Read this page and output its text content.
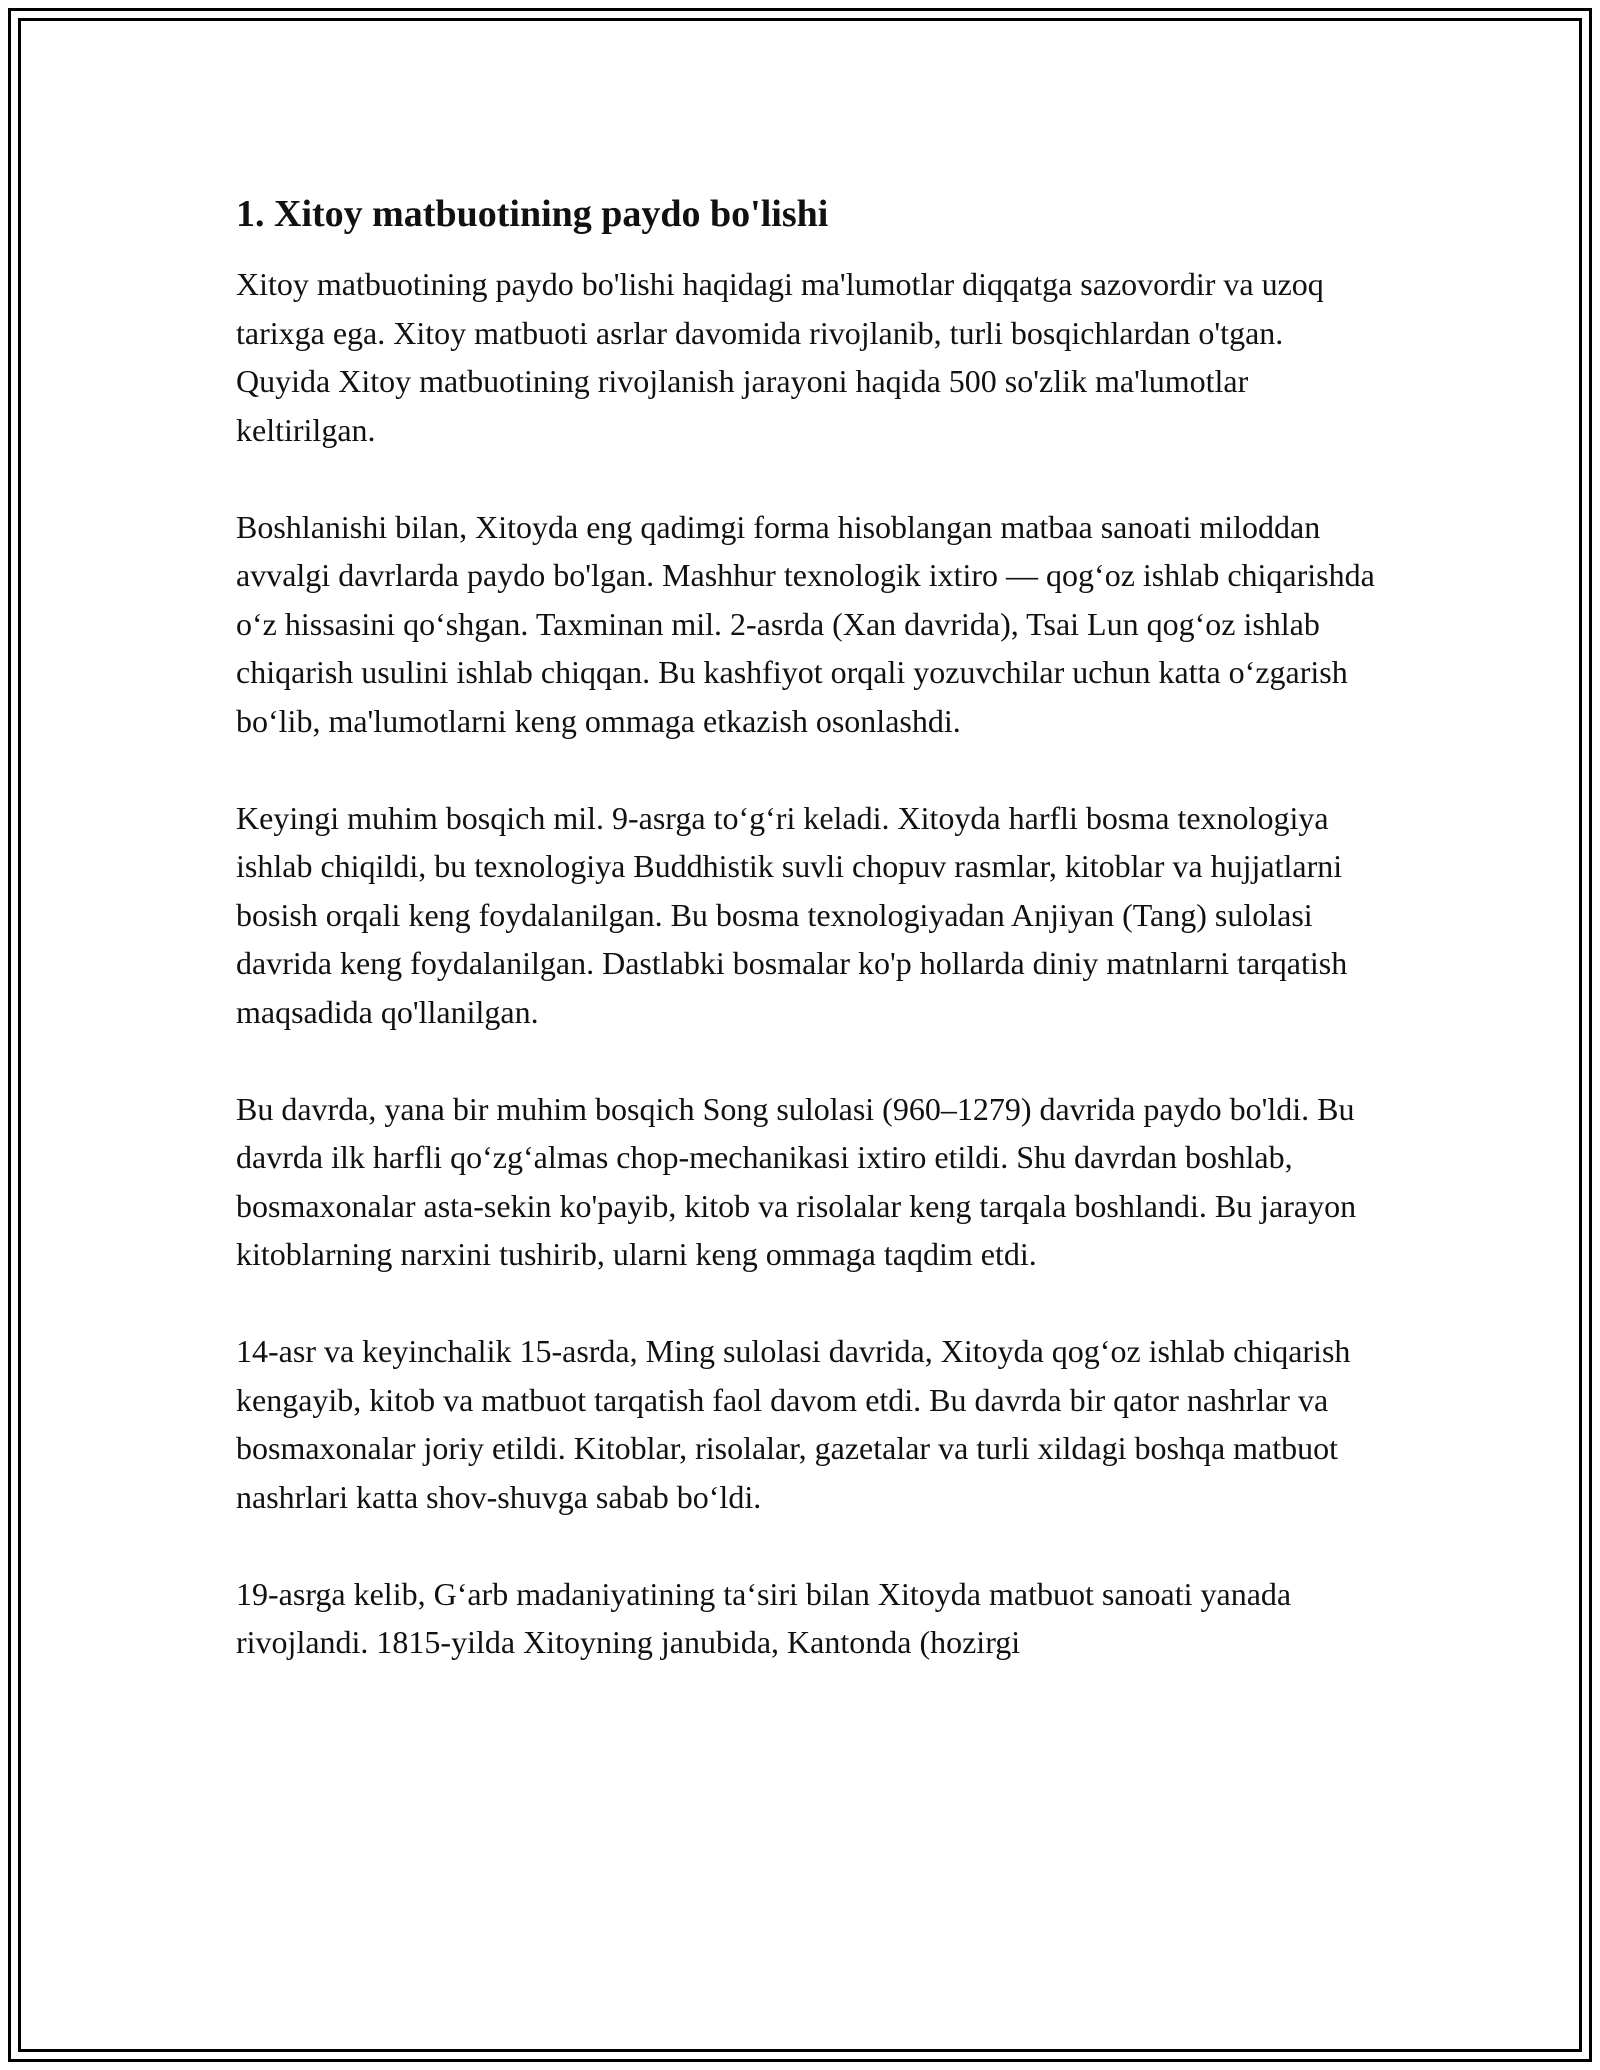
1. Xitoy matbuotining paydo bo'lishi

Xitoy matbuotining paydo bo'lishi haqidagi ma'lumotlar diqqatga sazovordir va uzoq tarixga ega. Xitoy matbuoti asrlar davomida rivojlanib, turli bosqichlardan o'tgan. Quyida Xitoy matbuotining rivojlanish jarayoni haqida 500 so'zlik ma'lumotlar keltirilgan.

Boshlanishi bilan, Xitoyda eng qadimgi forma hisoblangan matbaa sanoati miloddan avvalgi davrlarda paydo bo'lgan. Mashhur texnologik ixtiro — qog‘oz ishlab chiqarishda o‘z hissasini qo‘shgan. Taxminan mil. 2-asrda (Xan davrida), Tsai Lun qog‘oz ishlab chiqarish usulini ishlab chiqqan. Bu kashfiyot orqali yozuvchilar uchun katta o‘zgarish bo‘lib, ma'lumotlarni keng ommaga etkazish osonlashdi.

Keyingi muhim bosqich mil. 9-asrga to‘g‘ri keladi. Xitoyda harfli bosma texnologiya ishlab chiqildi, bu texnologiya Buddhistik suvli chopuv rasmlar, kitoblar va hujjatlarni bosish orqali keng foydalanilgan. Bu bosma texnologiyadan Anjiyan (Tang) sulolasi davrida keng foydalanilgan. Dastlabki bosmalar ko'p hollarda diniy matnlarni tarqatish maqsadida qo'llanilgan.

Bu davrda, yana bir muhim bosqich Song sulolasi (960–1279) davrida paydo bo'ldi. Bu davrda ilk harfli qo‘zg‘almas chop-mechanikasi ixtiro etildi. Shu davrdan boshlab, bosmaxonalar asta-sekin ko'payib, kitob va risolalar keng tarqala boshlandi. Bu jarayon kitoblarning narxini tushirib, ularni keng ommaga taqdim etdi.

14-asr va keyinchalik 15-asrda, Ming sulolasi davrida, Xitoyda qog‘oz ishlab chiqarish kengayib, kitob va matbuot tarqatish faol davom etdi. Bu davrda bir qator nashrlar va bosmaxonalar joriy etildi. Kitoblar, risolalar, gazetalar va turli xildagi boshqa matbuot nashrlari katta shov-shuvga sabab bo‘ldi.

19-asrga kelib, G‘arb madaniyatining ta‘siri bilan Xitoyda matbuot sanoati yanada rivojlandi. 1815-yilda Xitoyning janubida, Kantonda (hozirgi
